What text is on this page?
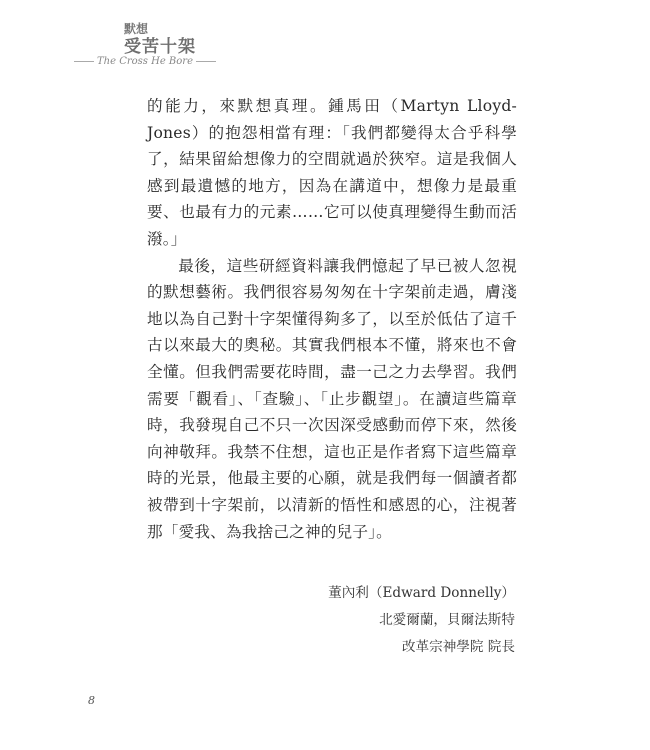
默想
受苦十架
The Cross He Bore

的能力，來默想真理。鍾馬田（Martyn Lloyd-Jones）的抱怨相當有理：「我們都變得太合乎科學了，結果留給想像力的空間就過於狹窄。這是我個人感到最遺憾的地方，因為在講道中，想像力是最重要、也最有力的元素……它可以使真理變得生動而活潑。」

最後，這些研經資料讓我們憶起了早已被人忽視的默想藝術。我們很容易匆匆在十字架前走過，膚淺地以為自己對十字架懂得夠多了，以至於低估了這千古以來最大的奧秘。其實我們根本不懂，將來也不會全懂。但我們需要花時間，盡一己之力去學習。我們需要「觀看」、「查驗」、「止步觀望」。在讀這些篇章時，我發現自己不只一次因深受感動而停下來，然後向神敬拜。我禁不住想，這也正是作者寫下這些篇章時的光景，他最主要的心願，就是我們每一個讀者都被帶到十字架前，以清新的悟性和感恩的心，注視著那「愛我、為我捨己之神的兒子」。

董內利（Edward Donnelly）
北愛爾蘭，貝爾法斯特
改革宗神學院 院長
8
